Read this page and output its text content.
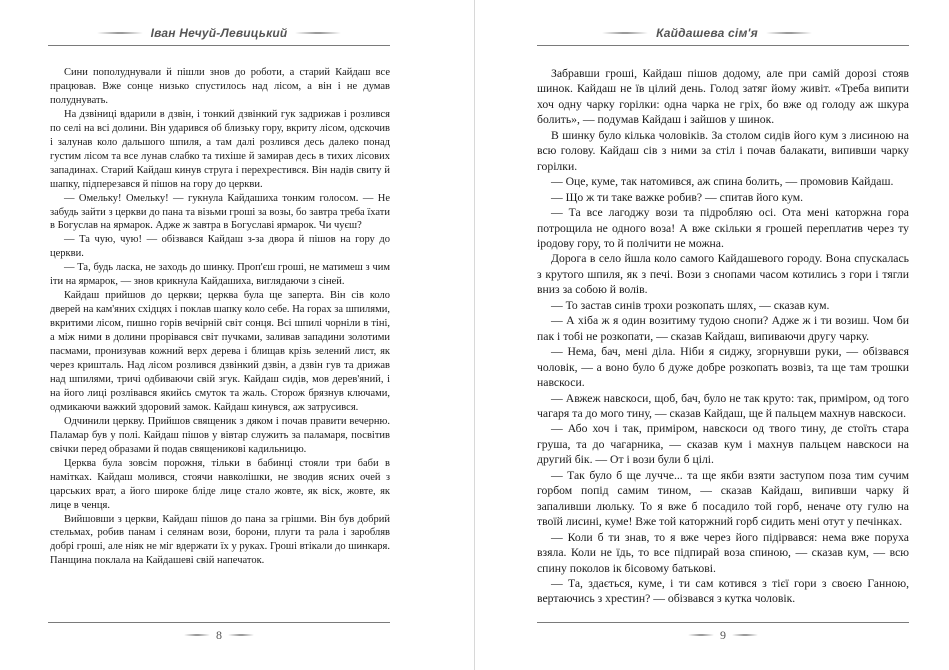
Іван Нечуй-Левицький

Сини пополуднували й пішли знов до роботи, а старий Кайдаш все працював. Вже сонце низько спустилось над лісом, а він і не думав полуднувать.

На дзвіниці вдарили в дзвін, і тонкий дзвінкий гук задрижав і розлився по селі на всі долини. Він ударився об близьку гору, вкриту лісом, одскочив і залунав коло дальшого шпиля, а там далі розлився десь далеко понад густим лісом та все лунав слабко та тихіше й замирав десь в тихих лісових западинах. Старий Кайдаш кинув струга і перехрестився. Він надів свиту й шапку, підперезався й пішов на гору до церкви.

— Омельку! Омельку! — гукнула Кайдашиха тонким голосом. — Не забудь зайти з церкви до пана та візьми гроші за возы, бо завтра треба їхати в Богуслав на ярмарок. Адже ж завтра в Богуславі ярмарок. Чи чуєш?

— Та чую, чую! — обізвався Кайдаш з-за двора й пішов на гору до церкви.

— Та, будь ласка, не заходь до шинку. Проп'єш гроші, не матимеш з чим іти на ярмарок, — знов крикнула Кайдашиха, виглядаючи з сіней.

Кайдаш прийшов до церкви; церква була ще заперта. Він сів коло дверей на кам'яних східцях і поклав шапку коло себе. На горах за шпилями, вкритими лісом, пишно горів вечірній світ сонця. Всі шпилі чорніли в тіні, а між ними в долини прорівався світ пучками, заливав западини золотими пасмами, пронизував кожний верх дерева і блищав крізь зелений лист, як через кришталь. Над лісом розлився дзвінкий дзвін, а дзвін гув та дрижав над шпилями, тричі одбиваючи свій згук. Кайдаш сидів, мов дерев'яний, і на його лиці розлівався якийсь смуток та жаль. Сторож брязнув ключами, одмикаючи важкий здоровий замок. Кайдаш кинувся, аж затрусився.

Одчинили церкву. Прийшов священик з дяком і почав правити вечерню. Паламар був у полі. Кайдаш пішов у вівтар служить за паламаря, посвітив свічки перед образами й подав священикові кадильницю.

Церква була зовсім порожня, тільки в бабинці стояли три баби в намітках. Кайдаш молився, стоячи навколішки, не зводив ясних очей з царських врат, а його широке бліде лице стало жовте, як віск, жовте, як лице в ченця.

Вийшовши з церкви, Кайдаш пішов до пана за грішми. Він був добрий стельмах, робив панам і селянам вози, борони, плуги та рала і заробляв добрі гроші, але ніяк не міг вдержати їх у руках. Гроші втікали до шинкаря. Панщина поклала на Кайдашеві свій напечаток.

8
Кайдашева сім'я

Забравши гроші, Кайдаш пішов додому, але при самій дорозі стояв шинок. Кайдаш не їв цілий день. Голод затяг йому живіт. «Треба випити хоч одну чарку горілки: одна чарка не гріх, бо вже од голоду аж шкура болить», — подумав Кайдаш і зайшов у шинок.

В шинку було кілька чоловіків. За столом сидів його кум з лисиною на всю голову. Кайдаш сів з ними за стіл і почав балакати, випивши чарку горілки.

— Оце, куме, так натомився, аж спина болить, — промовив Кайдаш.

— Що ж ти таке важке робив? — спитав його кум.

— Та все лагоджу вози та підробляю осі. Ота мені каторжна гора потрощила не одного воза! А вже скільки я грошей переплатив через ту іродову гору, то й полічити не можна.

Дорога в село йшла коло самого Кайдашевого городу. Вона спускалась з крутого шпиля, як з печі. Вози з снопами часом котились з гори і тягли вниз за собою й волів.

— То застав синів трохи розкопать шлях, — сказав кум.

— А хіба ж я один возитиму тудою снопи? Адже ж і ти возиш. Чом би пак і тобі не розкопати, — сказав Кайдаш, випиваючи другу чарку.

— Нема, бач, мені діла. Ніби я сиджу, згорнувши руки, — обізвався чоловік, — а воно було б дуже добре розкопать возвіз, та ще там трошки навскоси.

— Авжеж навскоси, щоб, бач, було не так круто: так, приміром, од того чагаря та до мого тину, — сказав Кайдаш, ще й пальцем махнув навскоси.

— Або хоч і так, приміром, навскоси од твого тину, де стоїть стара груша, та до чагарника, — сказав кум і махнув пальцем навскоси на другий бік. — От і вози були б цілі.

— Так було б ще лучче... та ще якби взяти заступом поза тим сучим горбом попід самим тином, — сказав Кайдаш, випивши чарку й запаливши люльку. То я вже б посадило той горб, неначе оту гулю на твоїй лисині, куме! Вже той каторжний горб сидить мені отут у печінках.

— Коли б ти знав, то я вже через його підірвався: нема вже поруха взяла. Коли не їдь, то все підпирай воза спиною, — сказав кум, — всю спину поколов ік бісовому батькові.

— Та, здається, куме, і ти сам котився з тієї гори з своєю Ганною, вертаючись з хрестин? — обізвався з кутка чоловік.

9
